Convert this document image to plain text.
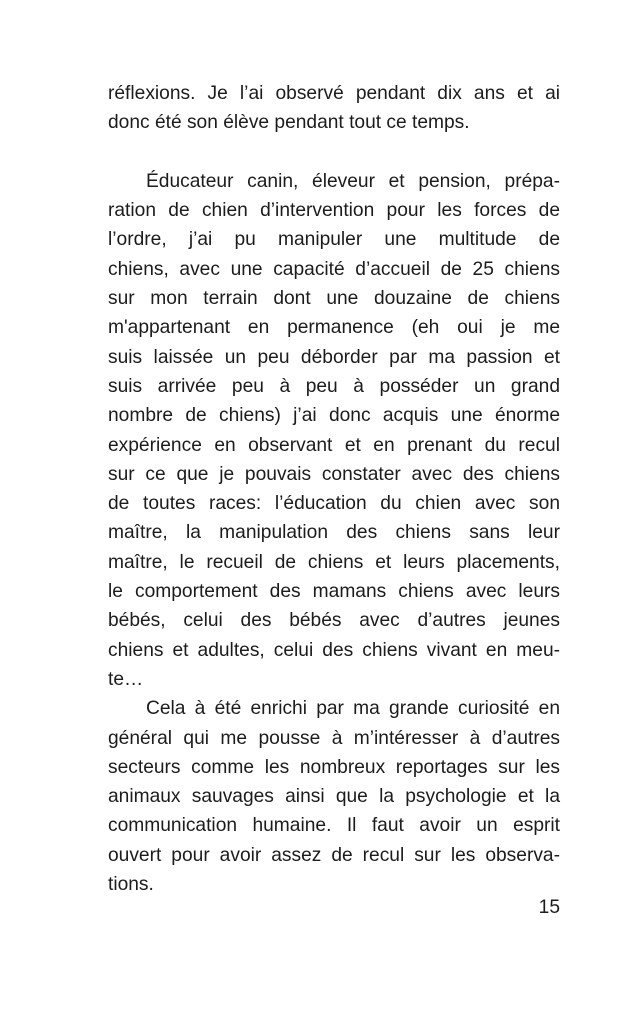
réflexions. Je l’ai observé pendant dix ans et ai
donc été son élève pendant tout ce temps.
Éducateur canin, éleveur et pension, prépa-
ration de chien d’intervention pour les forces de
l’ordre, j’ai pu manipuler une multitude de
chiens, avec une capacité d’accueil de 25 chiens
sur mon terrain dont une douzaine de chiens
m'appartenant en permanence (eh oui je me
suis laissée un peu déborder par ma passion et
suis arrivée peu à peu à posséder un grand
nombre de chiens) j’ai donc acquis une énorme
expérience en observant et en prenant du recul
sur ce que je pouvais constater avec des chiens
de toutes races: l’éducation du chien avec son
maître, la manipulation des chiens sans leur
maître, le recueil de chiens et leurs placements,
le comportement des mamans chiens avec leurs
bébés, celui des bébés avec d’autres jeunes
chiens et adultes, celui des chiens vivant en meu-
te…
Cela à été enrichi par ma grande curiosité en
général qui me pousse à m’intéresser à d’autres
secteurs comme les nombreux reportages sur les
animaux sauvages ainsi que la psychologie et la
communication humaine. Il faut avoir un esprit
ouvert pour avoir assez de recul sur les observa-
tions.
15
